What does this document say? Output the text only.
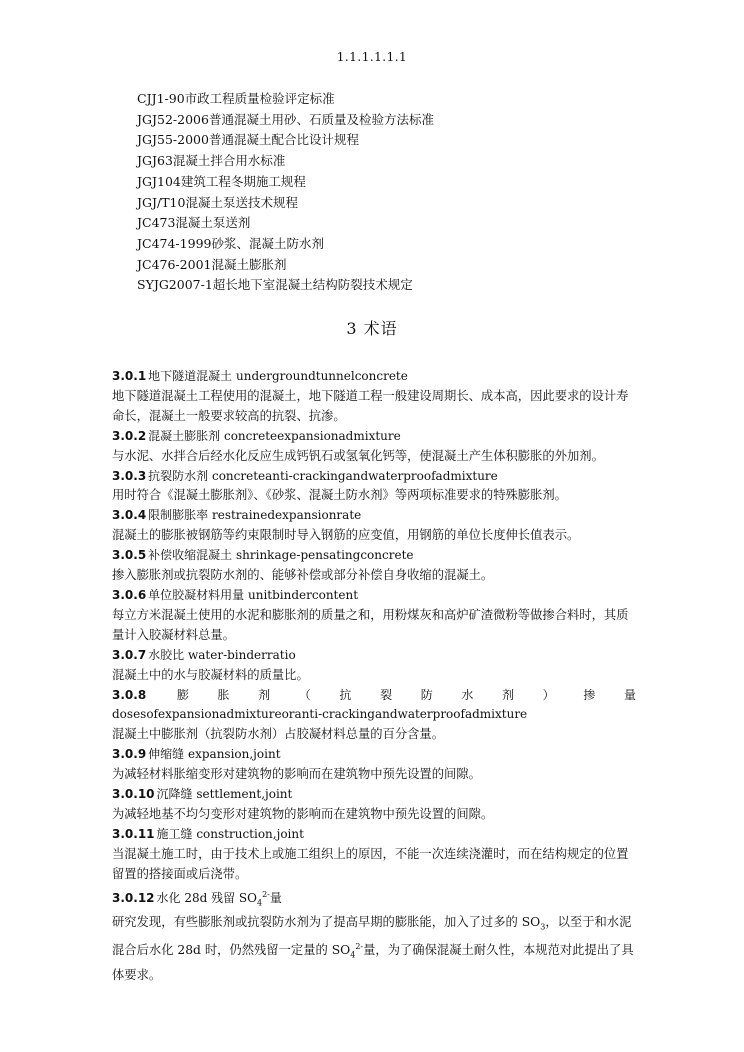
1.1.1.1.1.1
CJJ1-90市政工程质量检验评定标准
JGJ52-2006普通混凝土用砂、石质量及检验方法标准
JGJ55-2000普通混凝土配合比设计规程
JGJ63混凝土拌合用水标准
JGJ104建筑工程冬期施工规程
JGJ/T10混凝土泵送技术规程
JC473混凝土泵送剂
JC474-1999砂浆、混凝土防水剂
JC476-2001混凝土膨胀剂
SYJG2007-1超长地下室混凝土结构防裂技术规定
3 术语
3.0.1 地下隧道混凝土 undergroundtunnelconcrete
地下隧道混凝土工程使用的混凝土，地下隧道工程一般建设周期长、成本高，因此要求的设计寿命长，混凝土一般要求较高的抗裂、抗渗。
3.0.2 混凝土膨胀剂 concreteexpansionadmixture
与水泥、水拌合后经水化反应生成钙钒石或氢氧化钙等，使混凝土产生体积膨胀的外加剂。
3.0.3 抗裂防水剂 concreteanti-crackingandwaterproofadmixture
用时符合《混凝土膨胀剂》、《砂浆、混凝土防水剂》等两项标准要求的特殊膨胀剂。
3.0.4 限制膨胀率 restrainedexpansionrate
混凝土的膨胀被钢筋等约束限制时导入钢筋的应变值，用钢筋的单位长度伸长值表示。
3.0.5 补偿收缩混凝土 shrinkage-pensatingconcrete
掺入膨胀剂或抗裂防水剂的、能够补偿或部分补偿自身收缩的混凝土。
3.0.6 单位胶凝材料用量 unitbindercontent
每立方米混凝土使用的水泥和膨胀剂的质量之和，用粉煤灰和高炉矿渣微粉等做掺合料时，其质量计入胶凝材料总量。
3.0.7 水胶比 water-binderratio
混凝土中的水与胶凝材料的质量比。
3.0.8 膨胀剂（抗裂防水剂）掺量
dosesofexpansionadmixtureoranti-crackingandwaterproofadmixture
混凝土中膨胀剂（抗裂防水剂）占胶凝材料总量的百分含量。
3.0.9 伸缩缝 expansion,joint
为减轻材料胀缩变形对建筑物的影响而在建筑物中预先设置的间隙。
3.0.10 沉降缝 settlement,joint
为减轻地基不均匀变形对建筑物的影响而在建筑物中预先设置的间隙。
3.0.11 施工缝 construction,joint
当混凝土施工时，由于技术上或施工组织上的原因，不能一次连续浇灌时，而在结构规定的位置留置的搭接面或后浇带。
3.0.12 水化 28d 残留 $SO_4^{2-}$量
研究发现，有些膨胀剂或抗裂防水剂为了提高早期的膨胀能，加入了过多的 $SO_3$，以至于和水泥混合后水化 28d 时，仍然残留一定量的 $SO_4^{2-}$量，为了确保混凝土耐久性，本规范对此提出了具体要求。
